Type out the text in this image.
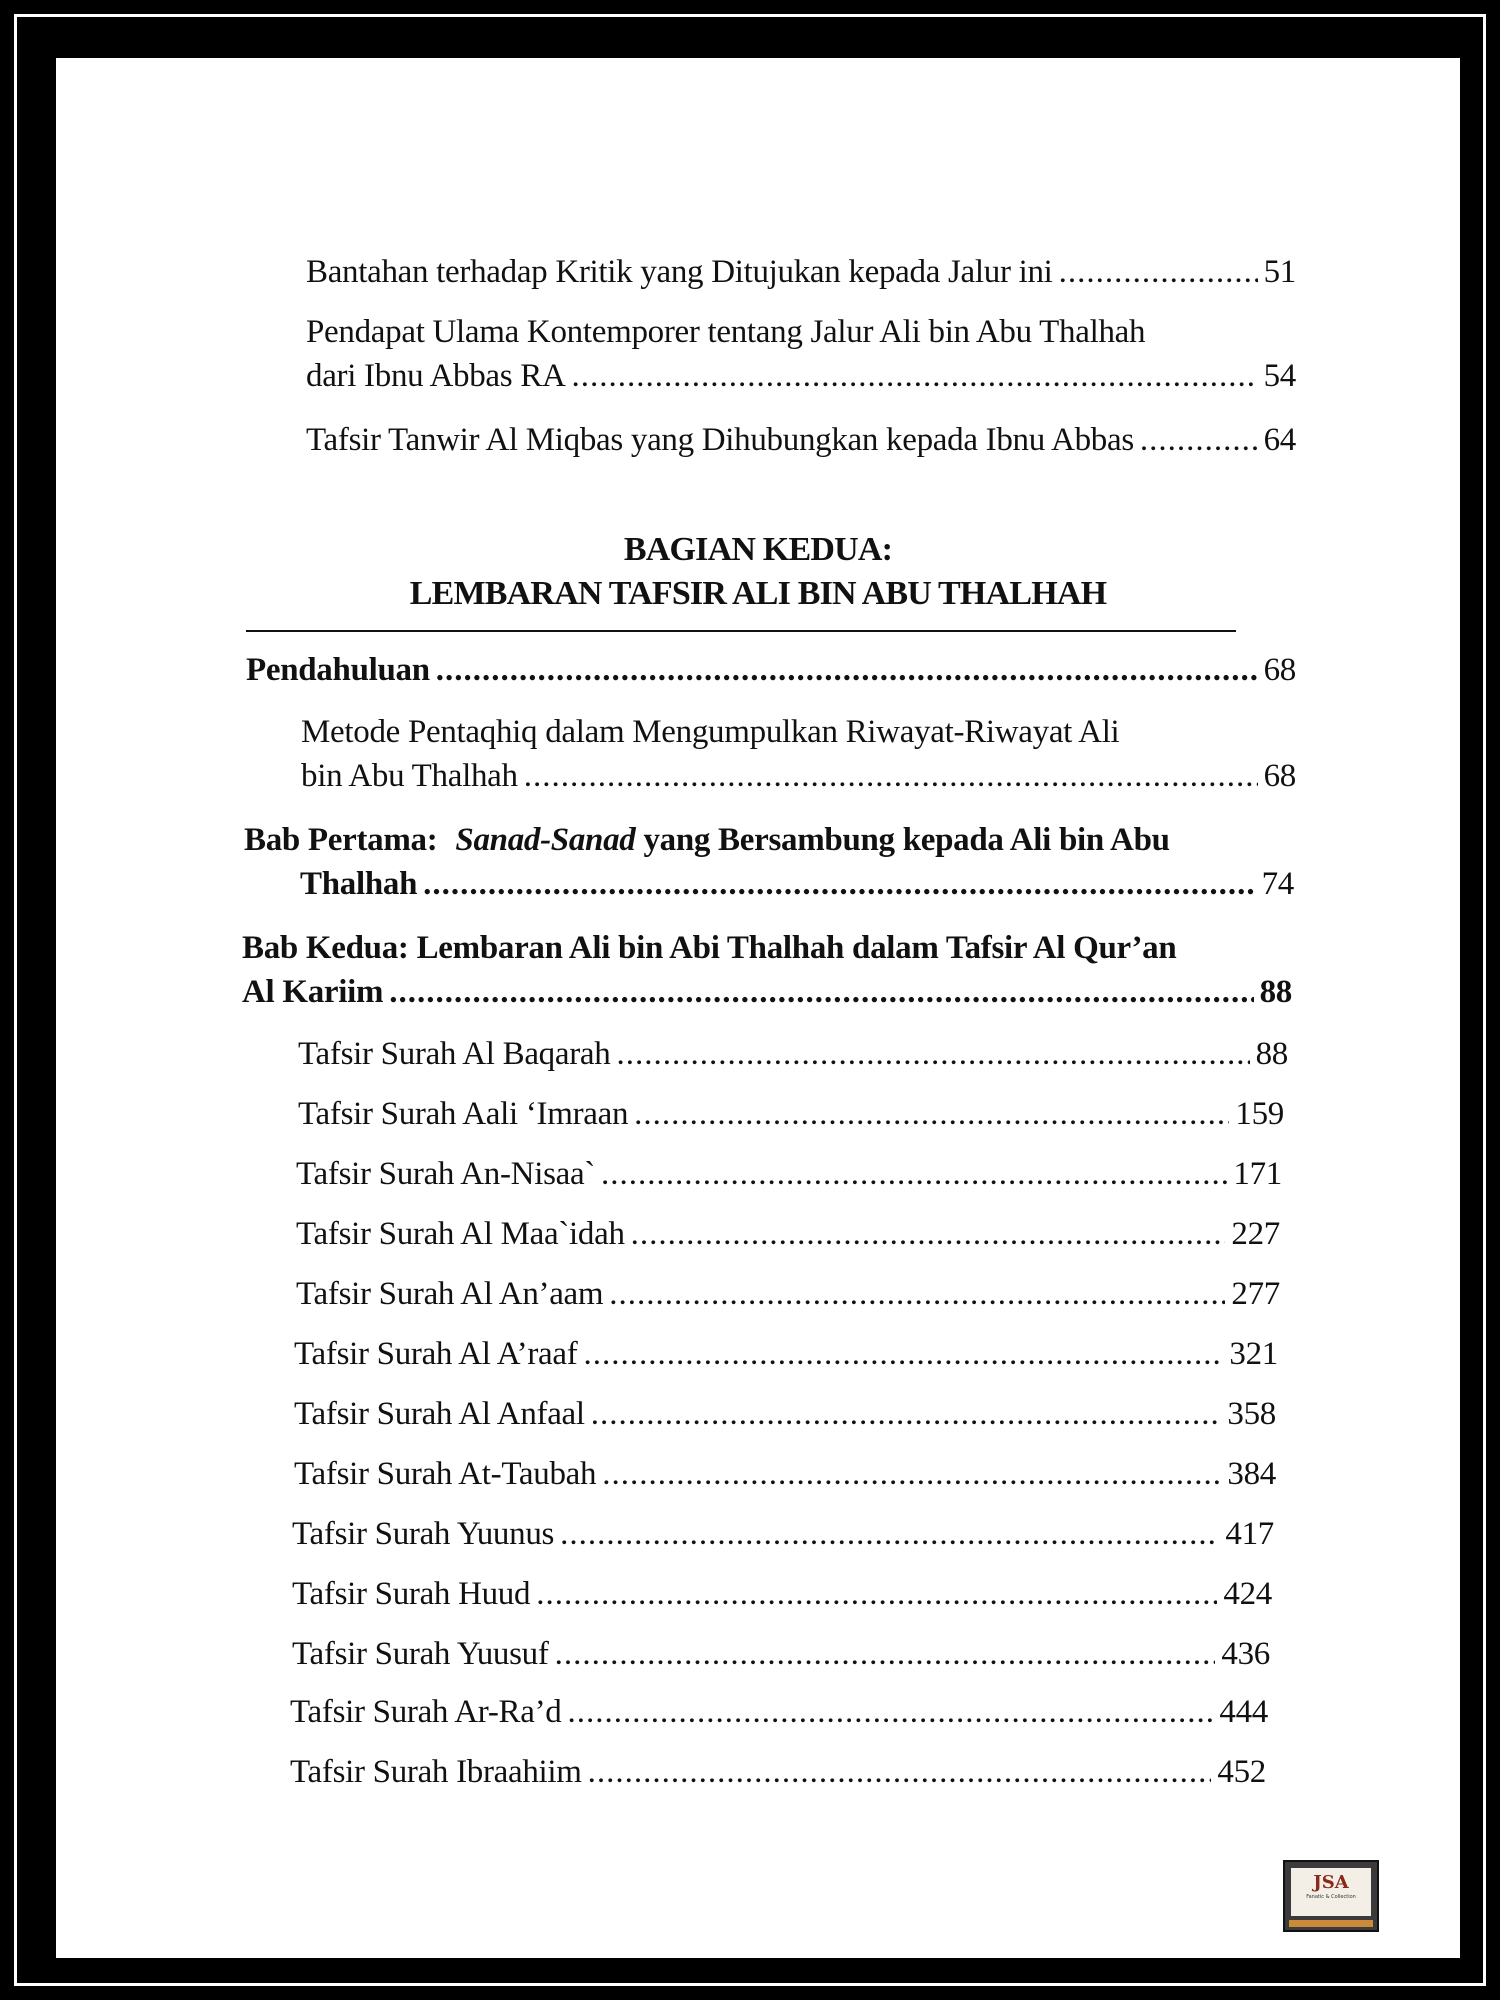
Bantahan terhadap Kritik yang Ditujukan kepada Jalur ini .....	51
Pendapat Ulama Kontemporer tentang Jalur Ali bin Abu Thalhah
dari Ibnu Abbas RA .....	54
Tafsir Tanwir Al Miqbas yang Dihubungkan kepada Ibnu Abbas .....	64
BAGIAN KEDUA:
LEMBARAN TAFSIR ALI BIN ABU THALHAH
Pendahuluan .....	68
Metode Pentaqhiq dalam Mengumpulkan Riwayat-Riwayat Ali
bin Abu Thalhah .....	68
Bab Pertama: Sanad-Sanad yang Bersambung kepada Ali bin Abu
Thalhah .....	74
Bab Kedua: Lembaran Ali bin Abi Thalhah dalam Tafsir Al Qur’an
Al Kariim .....	88
Tafsir Surah Al Baqarah .....	88
Tafsir Surah Aali ‘Imraan .....	159
Tafsir Surah An-Nisaa` .....	171
Tafsir Surah Al Maa`idah .....	227
Tafsir Surah Al An’aam .....	277
Tafsir Surah Al A’raaf .....	321
Tafsir Surah Al Anfaal .....	358
Tafsir Surah At-Taubah .....	384
Tafsir Surah Yuunus .....	417
Tafsir Surah Huud .....	424
Tafsir Surah Yuusuf .....	436
Tafsir Surah Ar-Ra’d .....	444
Tafsir Surah Ibraahiim .....	452
JSA
Fanatic & Collection
